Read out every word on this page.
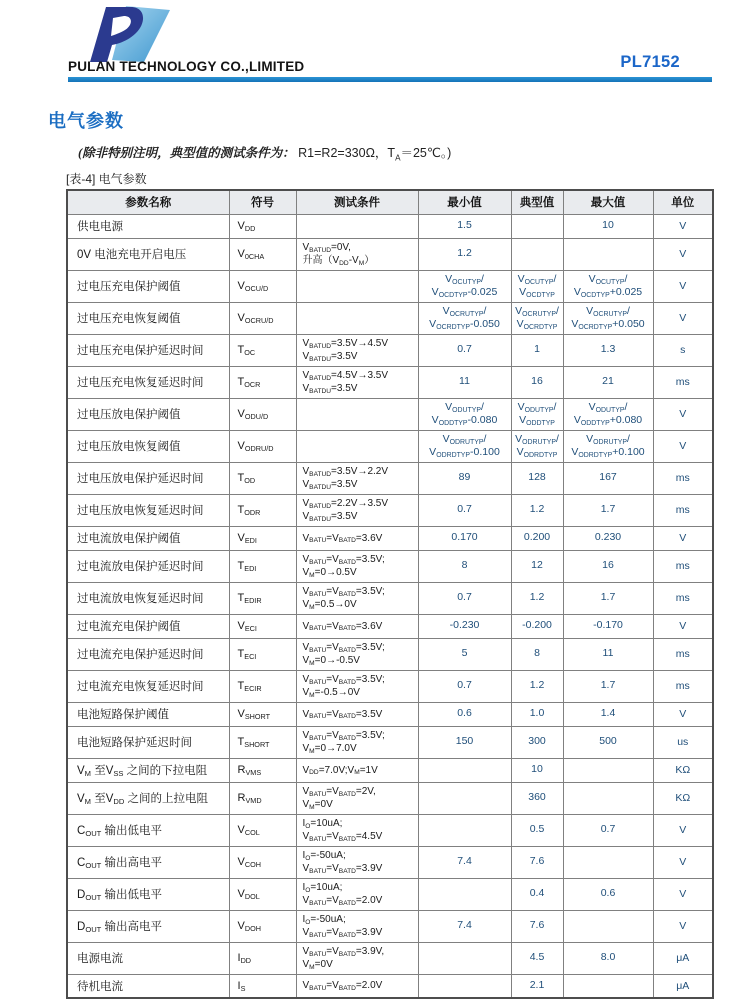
PULAN TECHNOLOGY CO.,LIMITED	PL7152
电气参数
(除非特别注明，典型值的测试条件为： R1=R2=330Ω，$T_A=25℃$。)
[表-4] 电气参数
参数名称	符号	测试条件	最小值	典型值	最大值	单位
供电电源	$V_{DD}$		1.5		10	V
0V 电池充电开启电压	$V_{0CHA}$	$V_{BATUD}=0V$,
升高$(V_{DD}-V_M)$	1.2			V
过电压充电保护阈值	$V_{OCU/D}$		$V_{OCUTYP}/$
$V_{OCDTYP}-0.025$	$V_{OCUTYP}/$
$V_{OCDTYP}$	$V_{OCUTYP}/$
$V_{OCDTYP}+0.025$	V
过电压充电恢复阈值	$V_{OCRU/D}$		$V_{OCRUTYP}/$
$V_{OCRDTYP}-0.050$	$V_{OCRUTYP}/$
$V_{OCRDTYP}$	$V_{OCRUTYP}/$
$V_{OCRDTYP}+0.050$	V
过电压充电保护延迟时间	$T_{OC}$	$V_{BATUD}=3.5V\to 4.5V$
$V_{BATDU}=3.5V$	0.7	1	1.3	s
过电压充电恢复延迟时间	$T_{OCR}$	$V_{BATUD}=4.5V\to 3.5V$
$V_{BATDU}=3.5V$	11	16	21	ms
过电压放电保护阈值	$V_{ODU/D}$		$V_{ODUTYP}/$
$V_{ODDTYP}-0.080$	$V_{ODUTYP}/$
$V_{ODDTYP}$	$V_{ODUTYP}/$
$V_{ODDTYP}+0.080$	V
过电压放电恢复阈值	$V_{ODRU/D}$		$V_{ODRUTYP}/$
$V_{ODRDTYP}-0.100$	$V_{ODRUTYP}/$
$V_{ODRDTYP}$	$V_{ODRUTYP}/$
$V_{ODRDTYP}+0.100$	V
过电压放电保护延迟时间	$T_{OD}$	$V_{BATUD}=3.5V\to 2.2V$
$V_{BATDU}=3.5V$	89	128	167	ms
过电压放电恢复延迟时间	$T_{ODR}$	$V_{BATUD}=2.2V\to 3.5V$
$V_{BATDU}=3.5V$	0.7	1.2	1.7	ms
过电流放电保护阈值	$V_{EDI}$	$V_{BATU}=V_{BATD}=3.6V$	0.170	0.200	0.230	V
过电流放电保护延迟时间	$T_{EDI}$	$V_{BATU}=V_{BATD}=3.5V$;
$V_M=0\to 0.5V$	8	12	16	ms
过电流放电恢复延迟时间	$T_{EDIR}$	$V_{BATU}=V_{BATD}=3.5V$;
$V_M=0.5\to 0V$	0.7	1.2	1.7	ms
过电流充电保护阈值	$V_{ECI}$	$V_{BATU}=V_{BATD}=3.6V$	-0.230	-0.200	-0.170	V
过电流充电保护延迟时间	$T_{ECI}$	$V_{BATU}=V_{BATD}=3.5V$;
$V_M=0\to-0.5V$	5	8	11	ms
过电流充电恢复延迟时间	$T_{ECIR}$	$V_{BATU}=V_{BATD}=3.5V$;
$V_M=-0.5\to 0V$	0.7	1.2	1.7	ms
电池短路保护阈值	$V_{SHORT}$	$V_{BATU}=V_{BATD}=3.5V$	0.6	1.0	1.4	V
电池短路保护延迟时间	$T_{SHORT}$	$V_{BATU}=V_{BATD}=3.5V$;
$V_M=0\to 7.0V$	150	300	500	us
$V_M$ 至$V_{SS}$ 之间的下拉电阻	$R_{VMS}$	$V_{DD}=7.0V;V_M=1V$		10		KΩ
$V_M$ 至$V_{DD}$ 之间的上拉电阻	$R_{VMD}$	$V_{BATU}=V_{BATD}=2V$,
$V_M=0V$		360		KΩ
$C_{OUT}$ 输出低电平	$V_{COL}$	$I_O=10uA$;
$V_{BATU}=V_{BATD}=4.5V$		0.5	0.7	V
$C_{OUT}$ 输出高电平	$V_{COH}$	$I_O=-50uA$;
$V_{BATU}=V_{BATD}=3.9V$	7.4	7.6		V
$D_{OUT}$ 输出低电平	$V_{DOL}$	$I_O=10uA$;
$V_{BATU}=V_{BATD}=2.0V$		0.4	0.6	V
$D_{OUT}$ 输出高电平	$V_{DOH}$	$I_O=-50uA$;
$V_{BATU}=V_{BATD}=3.9V$	7.4	7.6		V
电源电流	$I_{DD}$	$V_{BATU}=V_{BATD}=3.9V$,
$V_M=0V$		4.5	8.0	μA
待机电流	$I_S$	$V_{BATU}=V_{BATD}=2.0V$		2.1		μA
